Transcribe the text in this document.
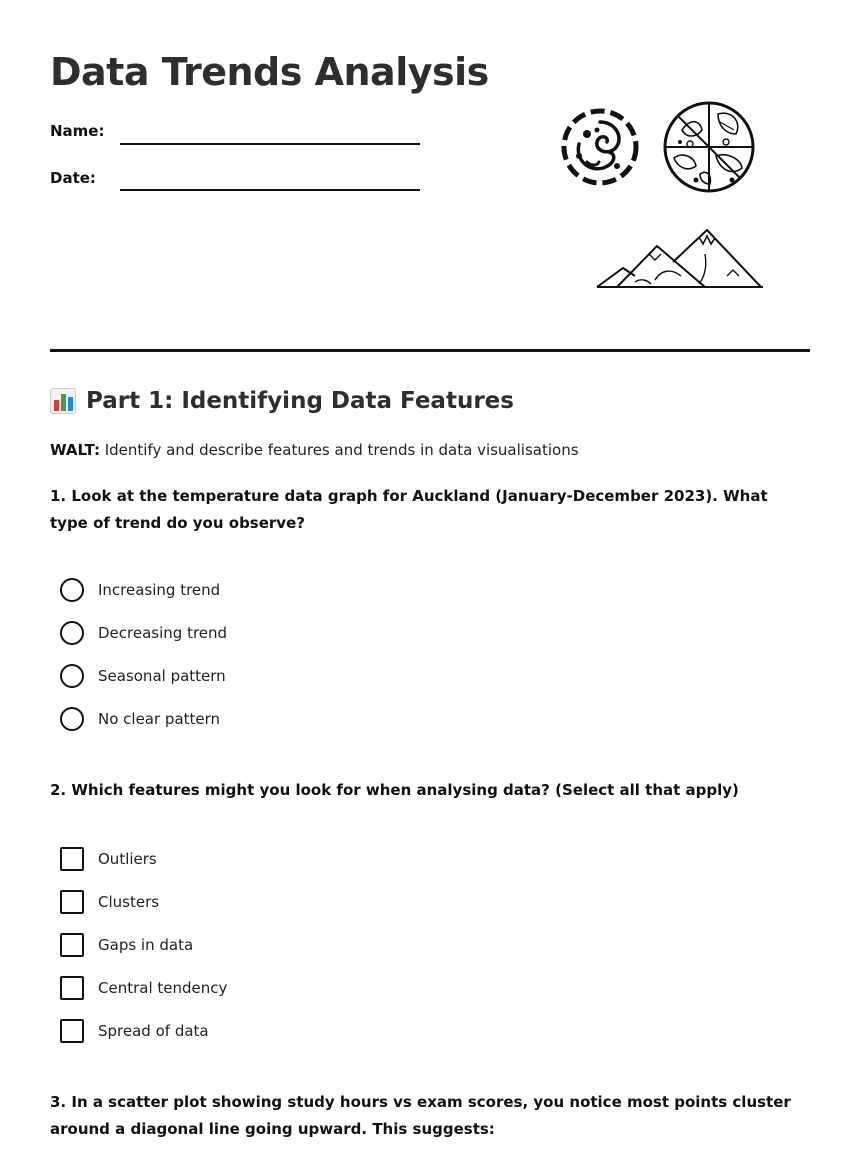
Data Trends Analysis
Name:
Date:
Part 1: Identifying Data Features
WALT: Identify and describe features and trends in data visualisations
1. Look at the temperature data graph for Auckland (January-December 2023). What type of trend do you observe?
Increasing trend
Decreasing trend
Seasonal pattern
No clear pattern
2. Which features might you look for when analysing data? (Select all that apply)
Outliers
Clusters
Gaps in data
Central tendency
Spread of data
3. In a scatter plot showing study hours vs exam scores, you notice most points cluster around a diagonal line going upward. This suggests:
